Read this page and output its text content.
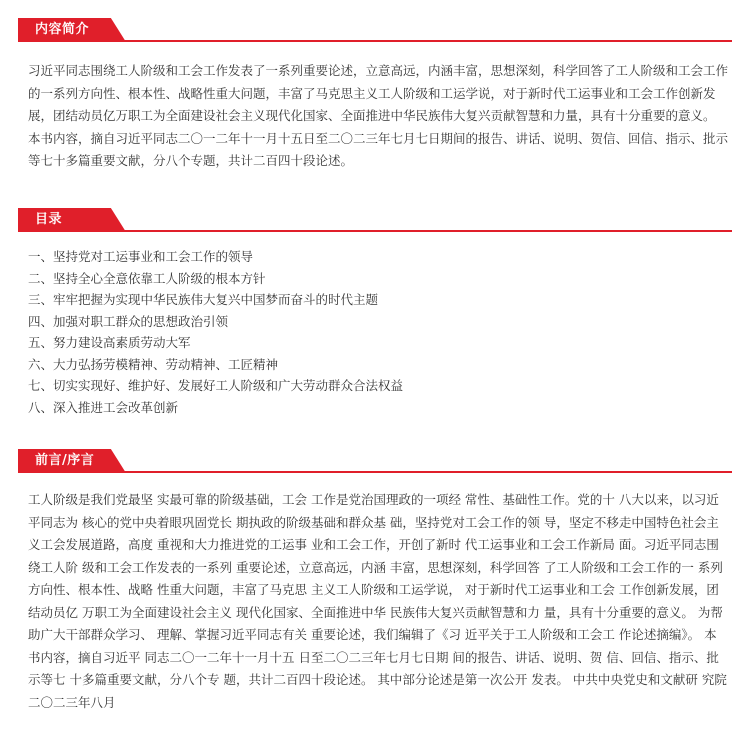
内容简介

习近平同志围绕工人阶级和工会工作发表了一系列重要论述，立意高远，内涵丰富，思想深刻，科学回答了工人阶级和工会工作的一系列方向性、根本性、战略性重大问题，丰富了马克思主义工人阶级和工运学说，对于新时代工运事业和工会工作创新发展，团结动员亿万职工为全面建设社会主义现代化国家、全面推进中华民族伟大复兴贡献智慧和力量，具有十分重要的意义。

本书内容，摘自习近平同志二〇一二年十一月十五日至二〇二三年七月七日期间的报告、讲话、说明、贺信、回信、指示、批示等七十多篇重要文献，分八个专题，共计二百四十段论述。

目录
一、坚持党对工运事业和工会工作的领导
二、坚持全心全意依靠工人阶级的根本方针
三、牢牢把握为实现中华民族伟大复兴中国梦而奋斗的时代主题
四、加强对职工群众的思想政治引领
五、努力建设高素质劳动大军
六、大力弘扬劳模精神、劳动精神、工匠精神
七、切实实现好、维护好、发展好工人阶级和广大劳动群众合法权益
八、深入推进工会改革创新
前言/序言

工人阶级是我们党最坚 实最可靠的阶级基础，工会 工作是党治国理政的一项经 常性、基础性工作。党的十 八大以来，以习近平同志为 核心的党中央着眼巩固党长 期执政的阶级基础和群众基 础，坚持党对工会工作的领 导，坚定不移走中国特色社会主义工会发展道路，高度 重视和大力推进党的工运事 业和工会工作，开创了新时 代工运事业和工会工作新局 面。习近平同志围绕工人阶 级和工会工作发表的一系列 重要论述，立意高远，内涵 丰富，思想深刻，科学回答 了工人阶级和工会工作的一 系列方向性、根本性、战略 性重大问题，丰富了马克思 主义工人阶级和工运学说， 对于新时代工运事业和工会 工作创新发展，团结动员亿 万职工为全面建设社会主义 现代化国家、全面推进中华 民族伟大复兴贡献智慧和力 量，具有十分重要的意义。 为帮助广大干部群众学习、 理解、掌握习近平同志有关 重要论述，我们编辑了《习 近平关于工人阶级和工会工 作论述摘编》。 本书内容，摘自习近平 同志二〇一二年十一月十五 日至二〇二三年七月七日期 间的报告、讲话、说明、贺 信、回信、指示、批示等七 十多篇重要文献，分八个专 题，共计二百四十段论述。 其中部分论述是第一次公开 发表。 中共中央党史和文献研 究院 二〇二三年八月
